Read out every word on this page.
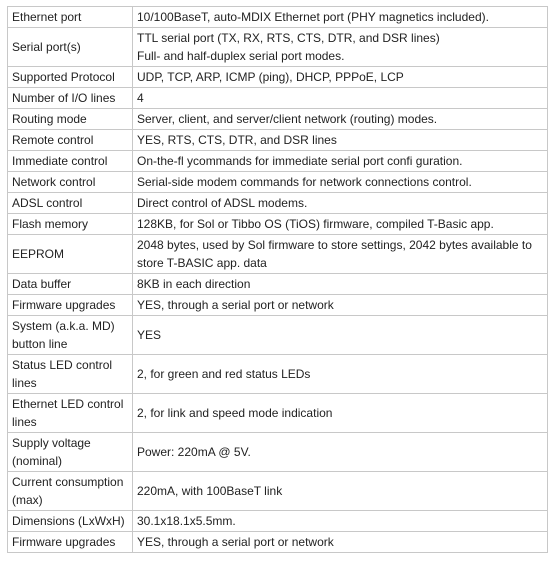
Ethernet port	10/100BaseT, auto-MDIX Ethernet port (PHY magnetics included).
Serial port(s)	TTL serial port (TX, RX, RTS, CTS, DTR, and DSR lines)
Full- and half-duplex serial port modes.
Supported Protocol	UDP, TCP, ARP, ICMP (ping), DHCP, PPPoE, LCP
Number of I/O lines	4
Routing mode	Server, client, and server/client network (routing) modes.
Remote control	YES, RTS, CTS, DTR, and DSR lines
Immediate control	On-the-fl ycommands for immediate serial port confi guration.
Network control	Serial-side modem commands for network connections control.
ADSL control	Direct control of ADSL modems.
Flash memory	128KB, for Sol or Tibbo OS (TiOS) firmware, compiled T-Basic app.
EEPROM	2048 bytes, used by Sol firmware to store settings, 2042 bytes available to
store T-BASIC app. data
Data buffer	8KB in each direction
Firmware upgrades	YES, through a serial port or network
System (a.k.a. MD)
button line	YES
Status LED control
lines	2, for green and red status LEDs
Ethernet LED control
lines	2, for link and speed mode indication
Supply voltage
(nominal)	Power: 220mA @ 5V.
Current consumption
(max)	220mA, with 100BaseT link
Dimensions (LxWxH)	30.1x18.1x5.5mm.
Firmware upgrades	YES, through a serial port or network
